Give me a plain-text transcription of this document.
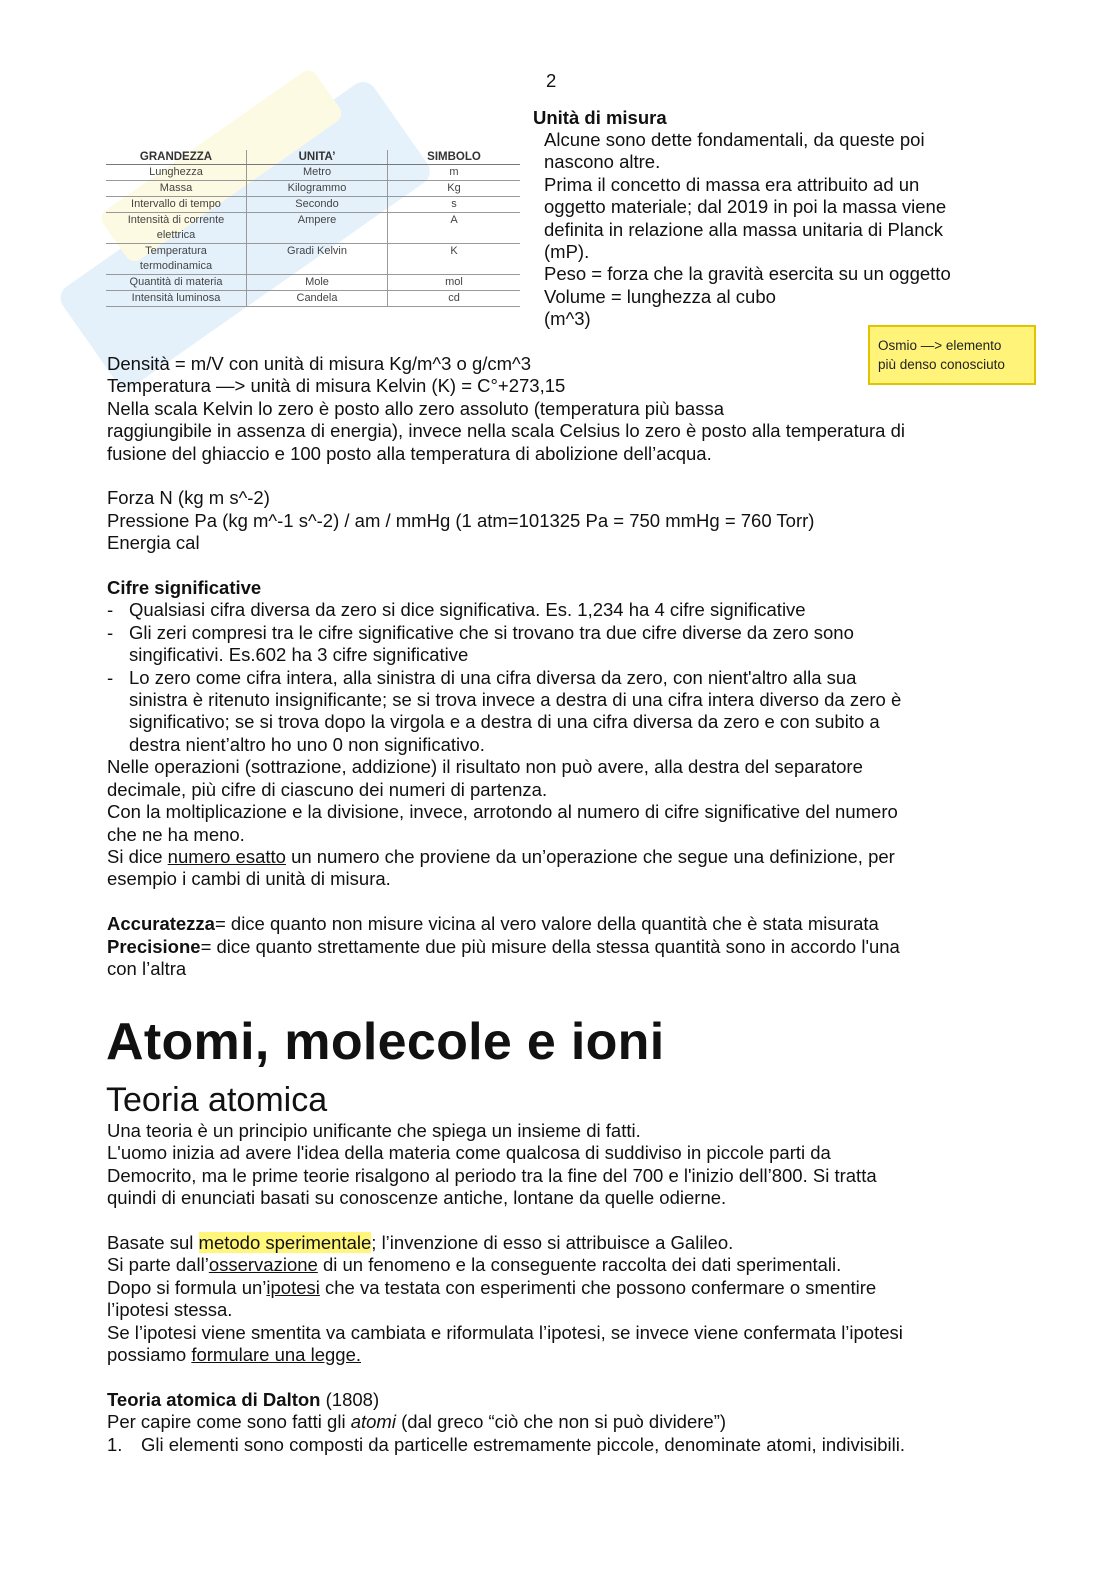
2
GRANDEZZA	UNITA’	SIMBOLO
Lunghezza	Metro	m
Massa	Kilogrammo	Kg
Intervallo di tempo	Secondo	s
Intensità di corrente elettrica	Ampere	A
Temperatura termodinamica	Gradi Kelvin	K
Quantità di materia	Mole	mol
Intensità luminosa	Candela	cd
Unità di misura
Alcune sono dette fondamentali, da queste poi
nascono altre.
Prima il concetto di massa era attribuito ad un
oggetto materiale; dal 2019 in poi la massa viene
definita in relazione alla massa unitaria di Planck
(mP).
Peso = forza che la gravità esercita su un oggetto
Volume = lunghezza al cubo
(m^3)
Osmio —> elemento
più denso conosciuto
Densità = m/V con unità di misura Kg/m^3 o g/cm^3
Temperatura —> unità di misura Kelvin (K) = C°+273,15
Nella scala Kelvin lo zero è posto allo zero assoluto (temperatura più bassa
raggiungibile in assenza di energia), invece nella scala Celsius lo zero è posto alla temperatura di
fusione del ghiaccio e 100 posto alla temperatura di abolizione dell’acqua.
Forza N (kg m s^-2)
Pressione Pa (kg m^-1 s^-2) / am / mmHg (1 atm=101325 Pa = 750 mmHg = 760 Torr)
Energia cal
Cifre significative
- Qualsiasi cifra diversa da zero si dice significativa. Es. 1,234 ha 4 cifre significative
- Gli zeri compresi tra le cifre significative che si trovano tra due cifre diverse da zero sono
singificativi. Es.602 ha 3 cifre significative
- Lo zero come cifra intera, alla sinistra di una cifra diversa da zero, con nient'altro alla sua
sinistra è ritenuto insignificante; se si trova invece a destra di una cifra intera diverso da zero è
significativo; se si trova dopo la virgola e a destra di una cifra diversa da zero e con subito a
destra nient’altro ho uno 0 non significativo.
Nelle operazioni (sottrazione, addizione) il risultato non può avere, alla destra del separatore
decimale, più cifre di ciascuno dei numeri di partenza.
Con la moltiplicazione e la divisione, invece, arrotondo al numero di cifre significative del numero
che ne ha meno.
Si dice numero esatto un numero che proviene da un’operazione che segue una definizione, per
esempio i cambi di unità di misura.
Accuratezza= dice quanto non misure vicina al vero valore della quantità che è stata misurata
Precisione= dice quanto strettamente due più misure della stessa quantità sono in accordo l'una
con l’altra
Atomi, molecole e ioni
Teoria atomica
Una teoria è un principio unificante che spiega un insieme di fatti.
L'uomo inizia ad avere l'idea della materia come qualcosa di suddiviso in piccole parti da
Democrito, ma le prime teorie risalgono al periodo tra la fine del 700 e l'inizio dell’800. Si tratta
quindi di enunciati basati su conoscenze antiche, lontane da quelle odierne.
Basate sul metodo sperimentale; l’invenzione di esso si attribuisce a Galileo.
Si parte dall’osservazione di un fenomeno e la conseguente raccolta dei dati sperimentali.
Dopo si formula un’ipotesi che va testata con esperimenti che possono confermare o smentire
l’ipotesi stessa.
Se l’ipotesi viene smentita va cambiata e riformulata l’ipotesi, se invece viene confermata l’ipotesi
possiamo formulare una legge.
Teoria atomica di Dalton (1808)
Per capire come sono fatti gli atomi (dal greco “ciò che non si può dividere”)
1. Gli elementi sono composti da particelle estremamente piccole, denominate atomi, indivisibili.
